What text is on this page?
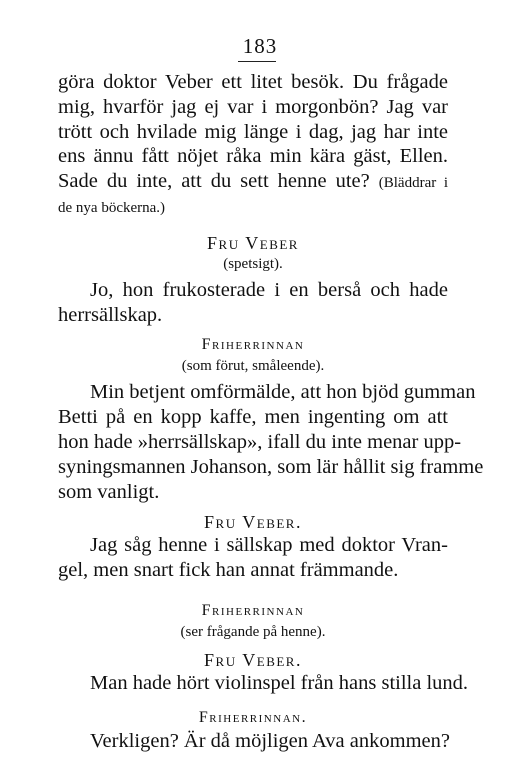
183
göra doktor Veber ett litet besök. Du frågade
mig, hvarför jag ej var i morgonbön? Jag var
trött och hvilade mig länge i dag, jag har inte
ens ännu fått nöjet råka min kära gäst, Ellen.
Sade du inte, att du sett henne ute? (Bläddrar i
de nya böckerna.)
Fru Veber
(spetsigt).
Jo, hon frukosterade i en berså och hade
herrsällskap.
Friherrinnan
(som förut, småleende).
Min betjent omförmälde, att hon bjöd gumman
Betti på en kopp kaffe, men ingenting om att
hon hade »herrsällskap», ifall du inte menar upp-
syningsmannen Johanson, som lär hållit sig framme
som vanligt.
Fru Veber.
Jag såg henne i sällskap med doktor Vran-
gel, men snart fick han annat främmande.
Friherrinnan
(ser frågande på henne).
Fru Veber.
Man hade hört violinspel från hans stilla lund.
Friherrinnan.
Verkligen? Är då möjligen Ava ankommen?
